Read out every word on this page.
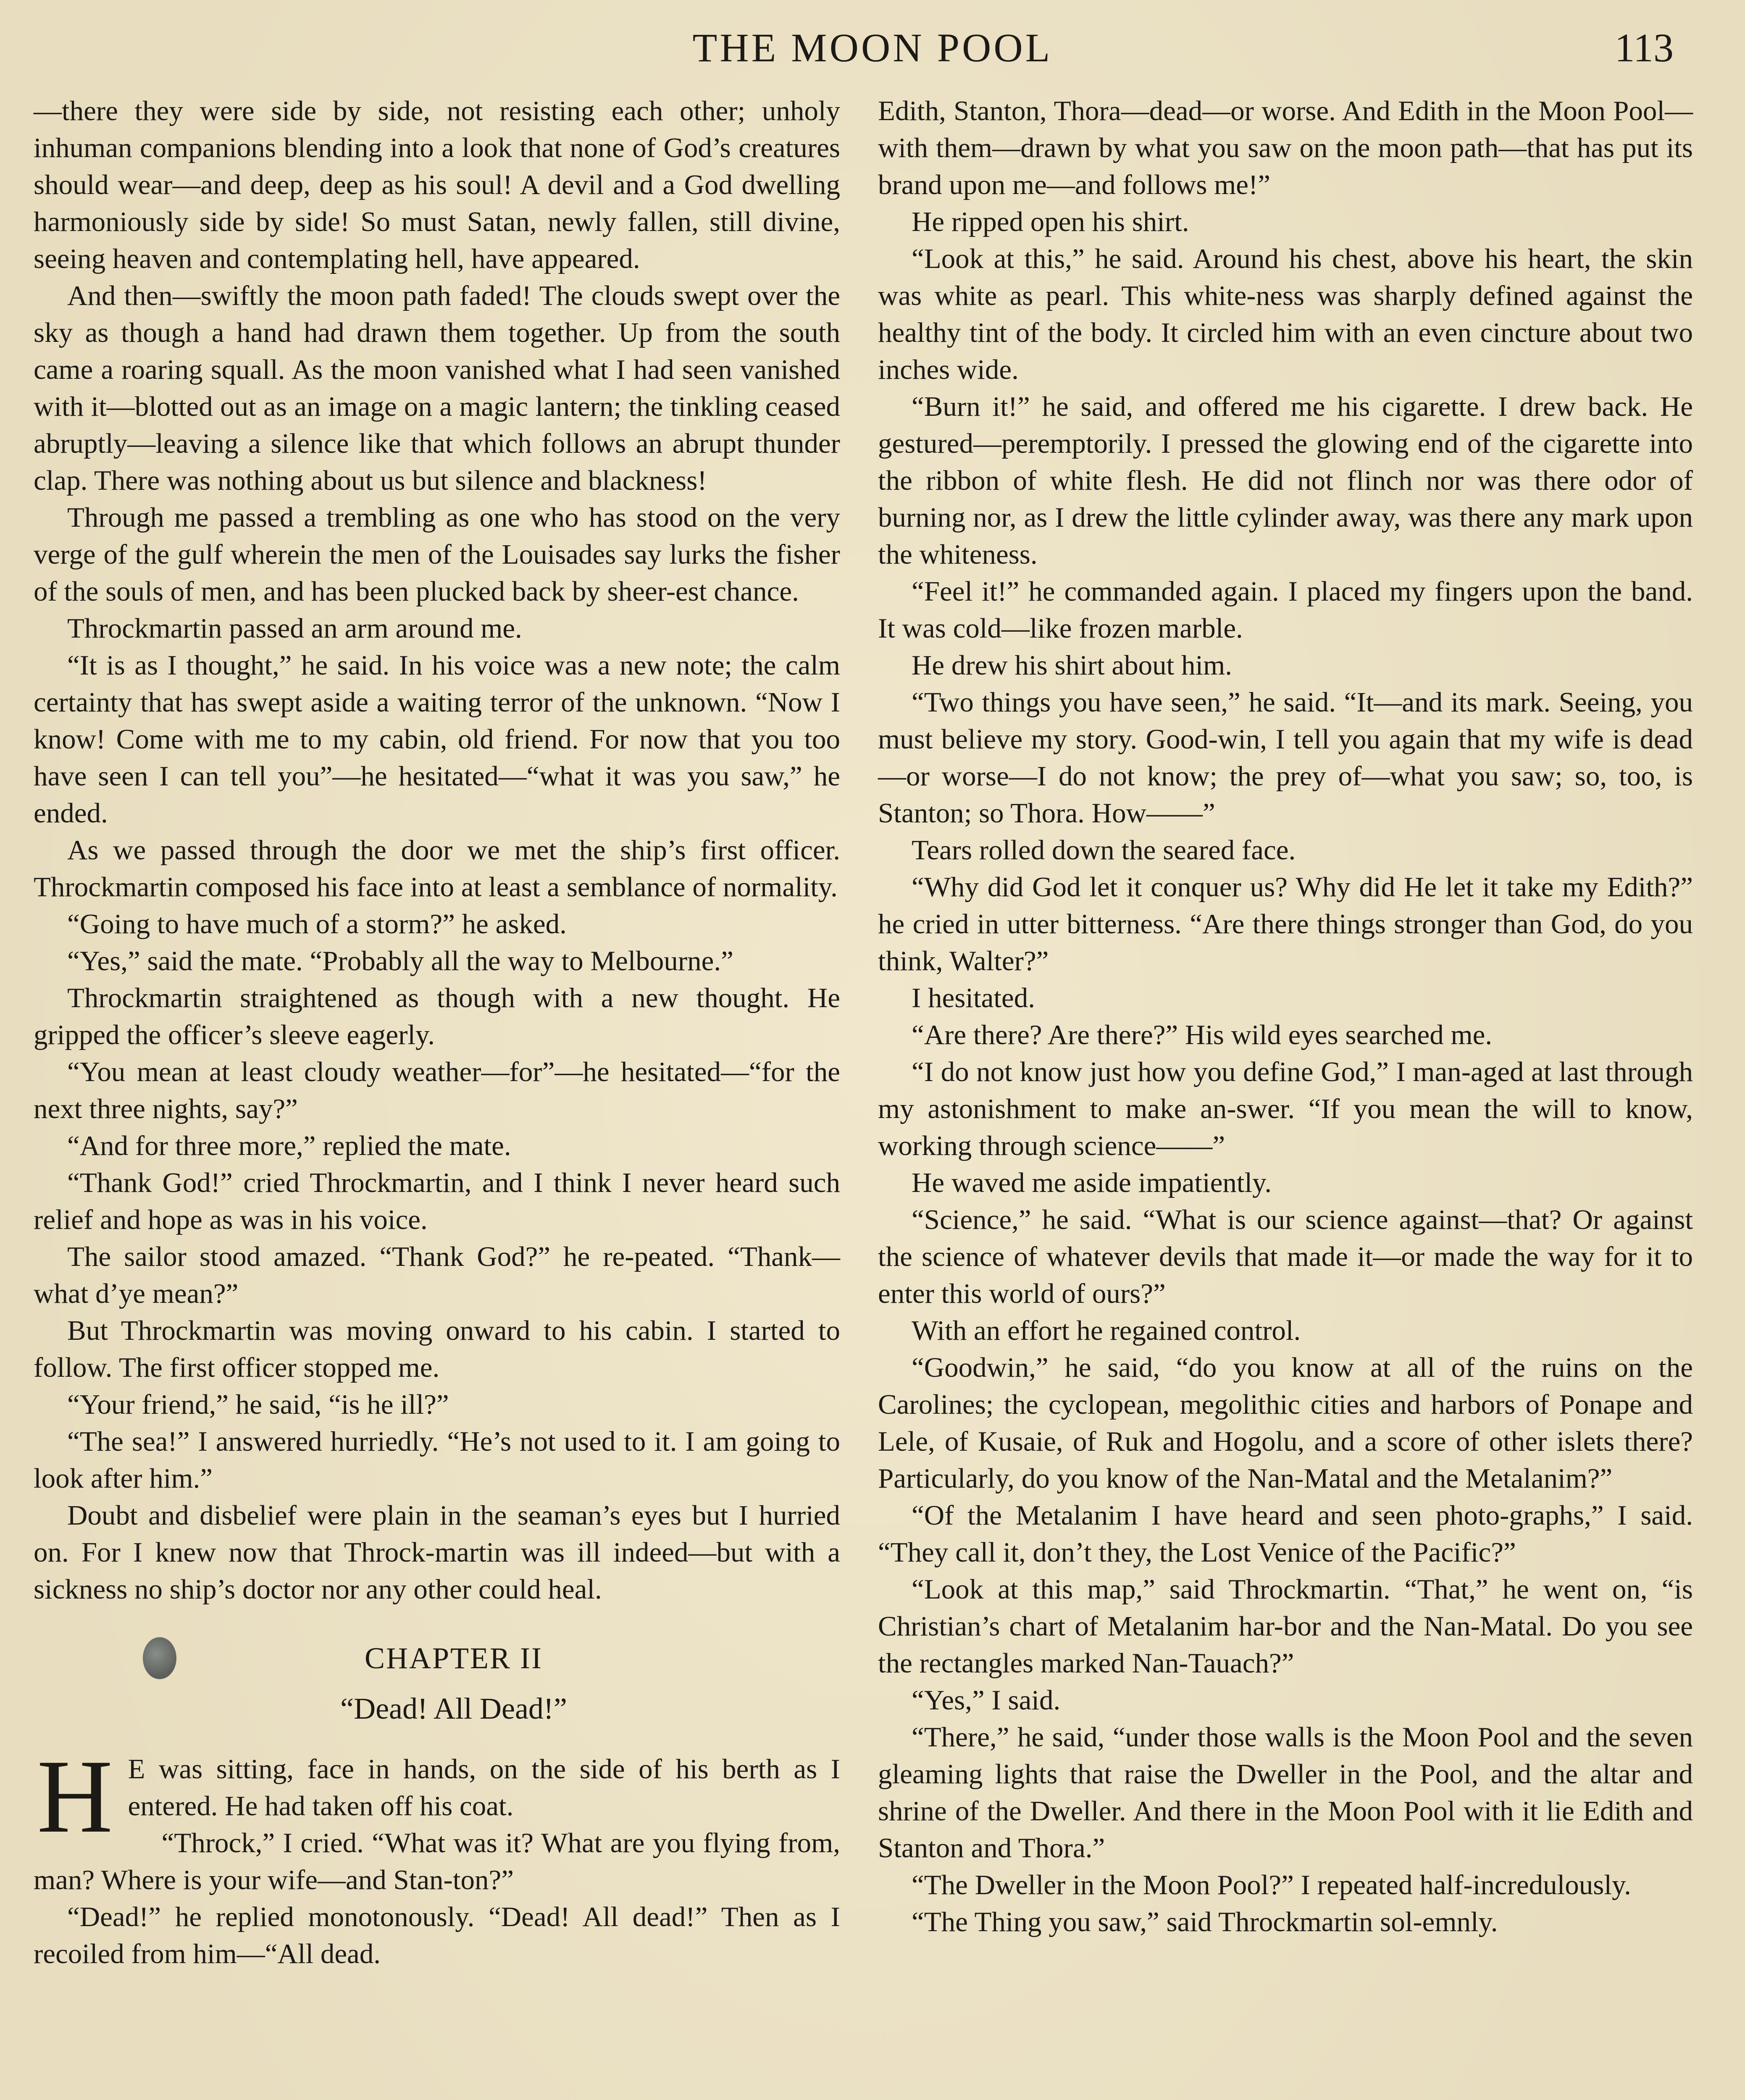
THE MOON POOL	113

—there they were side by side, not resisting each other; unholy inhuman companions blending into a look that none of God’s creatures should wear—and deep, deep as his soul! A devil and a God dwelling harmoniously side by side! So must Satan, newly fallen, still divine, seeing heaven and contemplating hell, have appeared.

And then—swiftly the moon path faded! The clouds swept over the sky as though a hand had drawn them together. Up from the south came a roaring squall. As the moon vanished what I had seen vanished with it—blotted out as an image on a magic lantern; the tinkling ceased abruptly—leaving a silence like that which follows an abrupt thunder clap. There was nothing about us but silence and blackness!

Through me passed a trembling as one who has stood on the very verge of the gulf wherein the men of the Louisades say lurks the fisher of the souls of men, and has been plucked back by sheer-est chance.

Throckmartin passed an arm around me.

“It is as I thought,” he said. In his voice was a new note; the calm certainty that has swept aside a waiting terror of the unknown. “Now I know! Come with me to my cabin, old friend. For now that you too have seen I can tell you”—he hesitated—“what it was you saw,” he ended.

As we passed through the door we met the ship’s first officer. Throckmartin composed his face into at least a semblance of normality.

“Going to have much of a storm?” he asked.

“Yes,” said the mate. “Probably all the way to Melbourne.”

Throckmartin straightened as though with a new thought. He gripped the officer’s sleeve eagerly.

“You mean at least cloudy weather—for”—he hesitated—“for the next three nights, say?”

“And for three more,” replied the mate.

“Thank God!” cried Throckmartin, and I think I never heard such relief and hope as was in his voice.

The sailor stood amazed. “Thank God?” he re-peated. “Thank—what d’ye mean?”

But Throckmartin was moving onward to his cabin. I started to follow. The first officer stopped me.

“Your friend,” he said, “is he ill?”

“The sea!” I answered hurriedly. “He’s not used to it. I am going to look after him.”

Doubt and disbelief were plain in the seaman’s eyes but I hurried on. For I knew now that Throck-martin was ill indeed—but with a sickness no ship’s doctor nor any other could heal.

CHAPTER II
“Dead! All Dead!”

H E was sitting, face in hands, on the side of his berth as I entered. He had taken off his coat.

“Throck,” I cried. “What was it? What are you flying from, man? Where is your wife—and Stan-ton?”

“Dead!” he replied monotonously. “Dead! All dead!” Then as I recoiled from him—“All dead.

Edith, Stanton, Thora—dead—or worse. And Edith in the Moon Pool—with them—drawn by what you saw on the moon path—that has put its brand upon me—and follows me!”

He ripped open his shirt.

“Look at this,” he said. Around his chest, above his heart, the skin was white as pearl. This white-ness was sharply defined against the healthy tint of the body. It circled him with an even cincture about two inches wide.

“Burn it!” he said, and offered me his cigarette. I drew back. He gestured—peremptorily. I pressed the glowing end of the cigarette into the ribbon of white flesh. He did not flinch nor was there odor of burning nor, as I drew the little cylinder away, was there any mark upon the whiteness.

“Feel it!” he commanded again. I placed my fingers upon the band. It was cold—like frozen marble.

He drew his shirt about him.

“Two things you have seen,” he said. “It—and its mark. Seeing, you must believe my story. Good-win, I tell you again that my wife is dead—or worse—I do not know; the prey of—what you saw; so, too, is Stanton; so Thora. How——”

Tears rolled down the seared face.

“Why did God let it conquer us? Why did He let it take my Edith?” he cried in utter bitterness. “Are there things stronger than God, do you think, Walter?”

I hesitated.

“Are there? Are there?” His wild eyes searched me.

“I do not know just how you define God,” I man-aged at last through my astonishment to make an-swer. “If you mean the will to know, working through science——”

He waved me aside impatiently.

“Science,” he said. “What is our science against—that? Or against the science of whatever devils that made it—or made the way for it to enter this world of ours?”

With an effort he regained control.

“Goodwin,” he said, “do you know at all of the ruins on the Carolines; the cyclopean, megolithic cities and harbors of Ponape and Lele, of Kusaie, of Ruk and Hogolu, and a score of other islets there? Particularly, do you know of the Nan-Matal and the Metalanim?”

“Of the Metalanim I have heard and seen photo-graphs,” I said. “They call it, don’t they, the Lost Venice of the Pacific?”

“Look at this map,” said Throckmartin. “That,” he went on, “is Christian’s chart of Metalanim har-bor and the Nan-Matal. Do you see the rectangles marked Nan-Tauach?”

“Yes,” I said.

“There,” he said, “under those walls is the Moon Pool and the seven gleaming lights that raise the Dweller in the Pool, and the altar and shrine of the Dweller. And there in the Moon Pool with it lie Edith and Stanton and Thora.”

“The Dweller in the Moon Pool?” I repeated half-incredulously.

“The Thing you saw,” said Throckmartin sol-emnly.
